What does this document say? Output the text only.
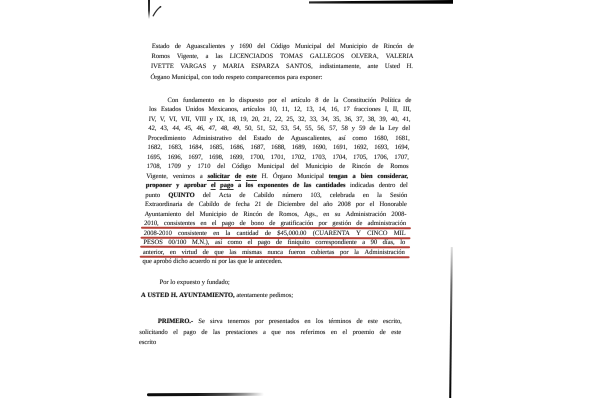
Estado de Aguascalientes y 1690 del Código Municipal del Municipio de Rincón de
Romos Vigente, a las LICENCIADOS TOMAS GALLEGOS OLVERA, VALERIA
IVETTE VARGAS y MARIA ESPARZA SANTOS, indistintamente, ante Usted H.
Órgano Municipal, con todo respeto comparecemos para exponer:
Con fundamento en lo dispuesto por el artículo 8 de la Constitución Política de
los Estados Unidos Mexicanos, artículos 10, 11, 12, 13, 14, 16, 17 fracciones I, II, III,
IV, V, VI, VII, VIII y IX, 18, 19, 20, 21, 22, 25, 32, 33, 34, 35, 36, 37, 38, 39, 40, 41,
42, 43, 44, 45, 46, 47, 48, 49, 50, 51, 52, 53, 54, 55, 56, 57, 58 y 59 de la Ley del
Procedimiento Administrativo del Estado de Aguascalientes, así como 1680, 1681,
1682, 1683, 1684, 1685, 1686, 1687, 1688, 1689, 1690, 1691, 1692, 1693, 1694,
1695, 1696, 1697, 1698, 1699, 1700, 1701, 1702, 1703, 1704, 1705, 1706, 1707,
1708, 1709 y 1710 del Código Municipal del Municipio de Rincón de Romos
Vigente, venimos a solicitar de este H. Órgano Municipal tengan a bien considerar,
proponer y aprobar el pago a los exponentes de las cantidades indicadas dentro del
punto QUINTO del Acta de Cabildo número 103, celebrada en la Sesión
Extraordinaria de Cabildo de fecha 21 de Diciembre del año 2008 por el Honorable
Ayuntamiento del Municipio de Rincón de Romos, Ags., en su Administración 2008-
2010, consistentes en el pago de bono de gratificación por gestión de administración
2008-2010 consistente en la cantidad de $45,000.00 (CUARENTA Y CINCO MIL
PESOS 00/100 M.N.), así como el pago de finiquito correspondiente a 90 días, lo
anterior, en virtud de que las mismas nunca fueron cubiertas por la Administración
que aprobó dicho acuerdo ni por las que le anteceden.
Por lo expuesto y fundado;
A USTED H. AYUNTAMIENTO, atentamente pedimos;
PRIMERO.- Se sirva tenernos por presentados en los términos de este escrito,
solicitando el pago de las prestaciones a que nos referimos en el proemio de este
escrito
